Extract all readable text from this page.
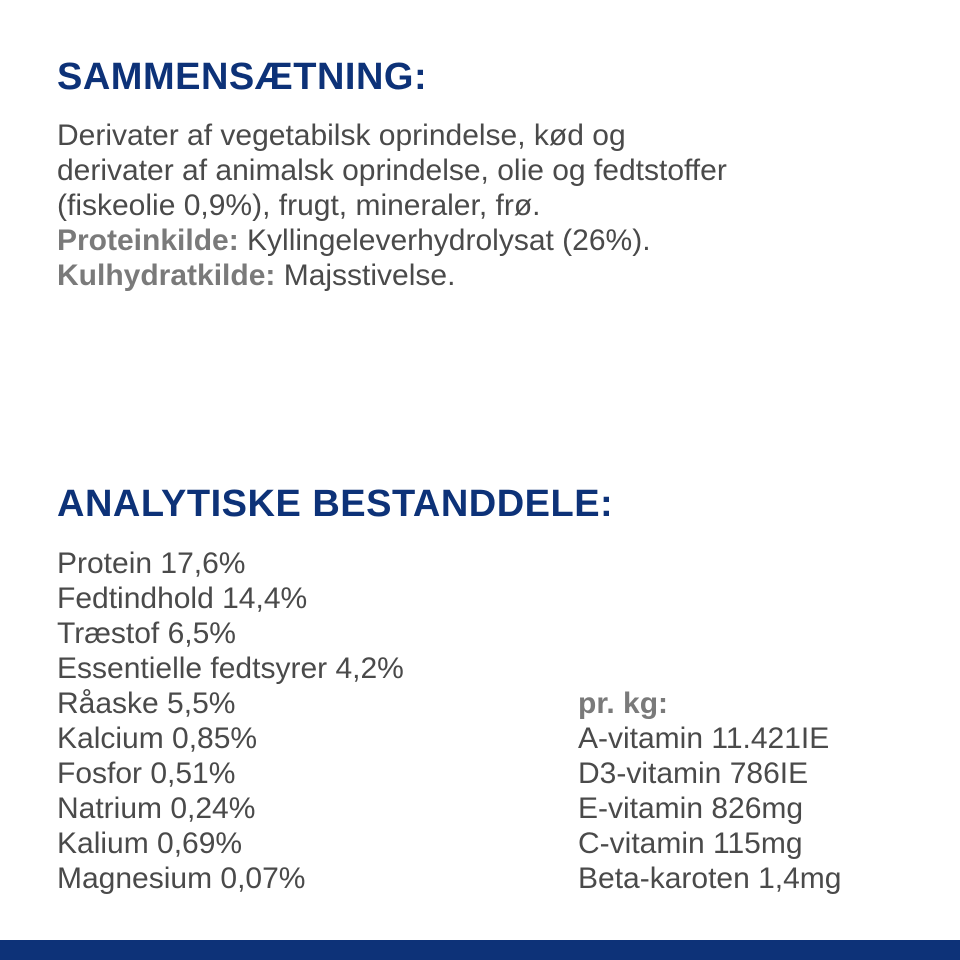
SAMMENSÆTNING:

Derivater af vegetabilsk oprindelse, kød og

derivater af animalsk oprindelse, olie og fedtstoffer

(fiskeolie 0,9%), frugt, mineraler, frø.

Proteinkilde: Kyllingeleverhydrolysat (26%).

Kulhydratkilde: Majsstivelse.

ANALYTISKE BESTANDDELE:
Protein 17,6%
Fedtindhold 14,4%
Træstof 6,5%
Essentielle fedtsyrer 4,2%
Råaske 5,5%
Kalcium 0,85%
Fosfor 0,51%
Natrium 0,24%
Kalium 0,69%
Magnesium 0,07%
pr. kg:
A-vitamin 11.421IE
D3-vitamin 786IE
E-vitamin 826mg
C-vitamin 115mg
Beta-karoten 1,4mg
